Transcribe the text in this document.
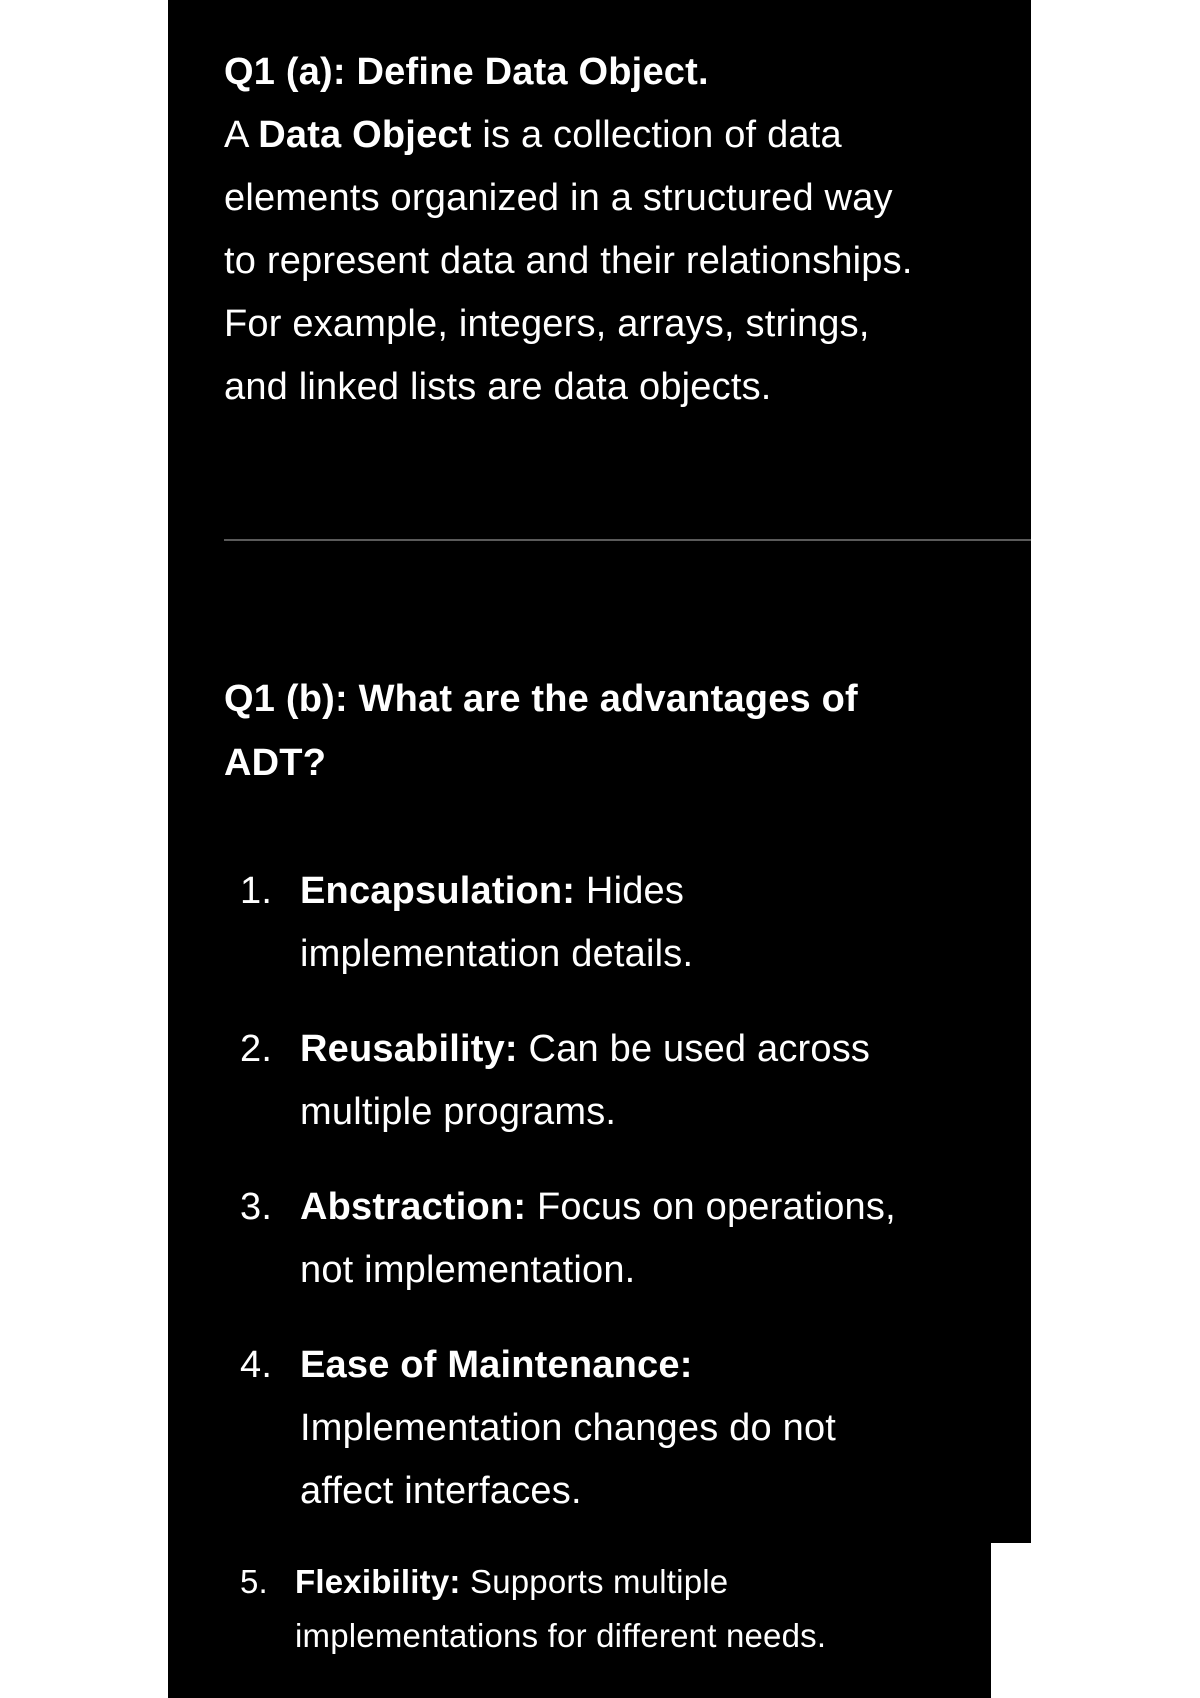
Q1 (a): Define Data Object.

A Data Object is a collection of data

elements organized in a structured way

to represent data and their relationships.

For example, integers, arrays, strings,

and linked lists are data objects.

Q1 (b): What are the advantages of

ADT?

1. Encapsulation: Hides
implementation details.
2. Reusability: Can be used across
multiple programs.
3. Abstraction: Focus on operations,
not implementation.
4. Ease of Maintenance:
Implementation changes do not
affect interfaces.
5. Flexibility: Supports multiple
implementations for different needs.
